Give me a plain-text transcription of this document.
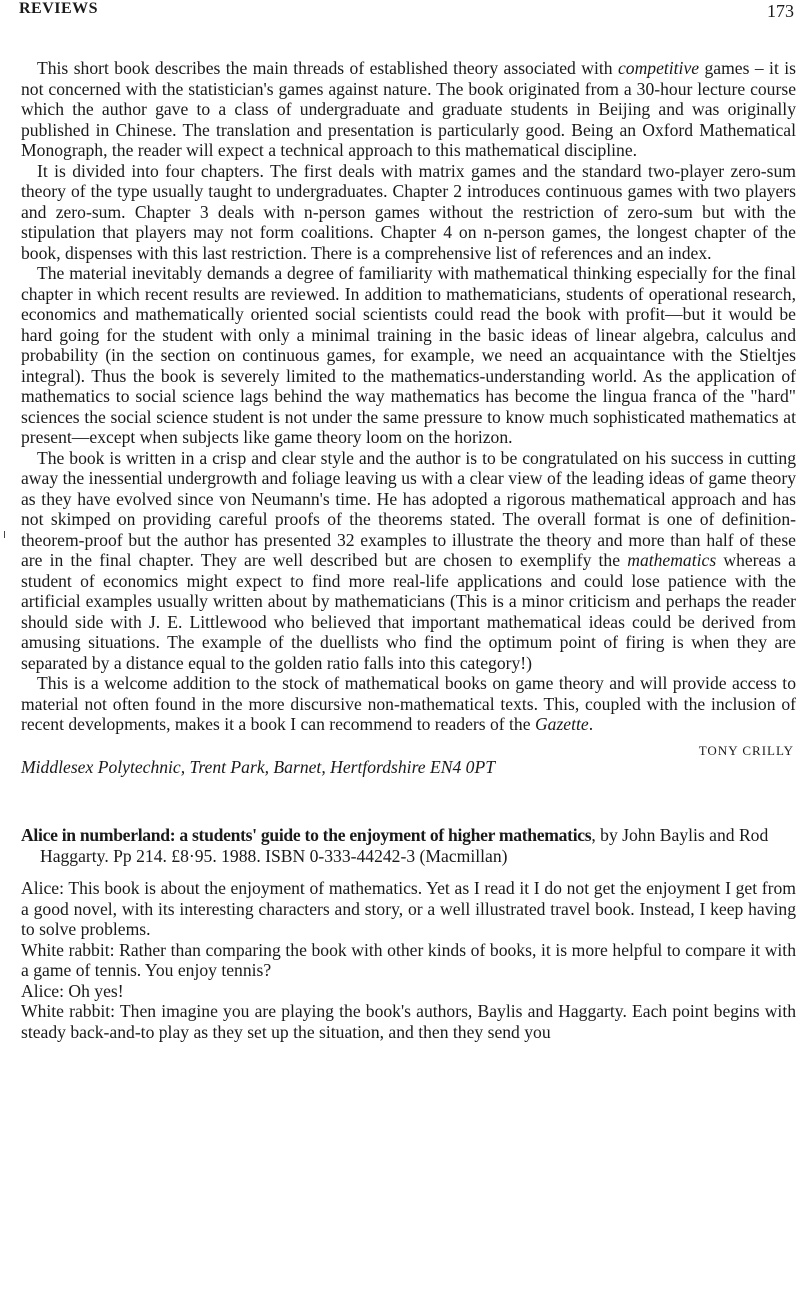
REVIEWS	173

This short book describes the main threads of established theory associated with competitive games – it is not concerned with the statistician's games against nature. The book originated from a 30-hour lecture course which the author gave to a class of undergraduate and graduate students in Beijing and was originally published in Chinese. The translation and presentation is particularly good. Being an Oxford Mathematical Monograph, the reader will expect a technical approach to this mathematical discipline.

It is divided into four chapters. The first deals with matrix games and the standard two-player zero-sum theory of the type usually taught to undergraduates. Chapter 2 introduces continuous games with two players and zero-sum. Chapter 3 deals with n-person games without the restriction of zero-sum but with the stipulation that players may not form coalitions. Chapter 4 on n-person games, the longest chapter of the book, dispenses with this last restriction. There is a comprehensive list of references and an index.

The material inevitably demands a degree of familiarity with mathematical thinking especially for the final chapter in which recent results are reviewed. In addition to mathematicians, students of operational research, economics and mathematically oriented social scientists could read the book with profit—but it would be hard going for the student with only a minimal training in the basic ideas of linear algebra, calculus and probability (in the section on continuous games, for example, we need an acquaintance with the Stieltjes integral). Thus the book is severely limited to the mathematics-understanding world. As the application of mathematics to social science lags behind the way mathematics has become the lingua franca of the "hard" sciences the social science student is not under the same pressure to know much sophisticated mathematics at present—except when subjects like game theory loom on the horizon.

The book is written in a crisp and clear style and the author is to be congratulated on his success in cutting away the inessential undergrowth and foliage leaving us with a clear view of the leading ideas of game theory as they have evolved since von Neumann's time. He has adopted a rigorous mathematical approach and has not skimped on providing careful proofs of the theorems stated. The overall format is one of definition-theorem-proof but the author has presented 32 examples to illustrate the theory and more than half of these are in the final chapter. They are well described but are chosen to exemplify the mathematics whereas a student of economics might expect to find more real-life applications and could lose patience with the artificial examples usually written about by mathematicians (This is a minor criticism and perhaps the reader should side with J. E. Littlewood who believed that important mathematical ideas could be derived from amusing situations. The example of the duellists who find the optimum point of firing is when they are separated by a distance equal to the golden ratio falls into this category!)

This is a welcome addition to the stock of mathematical books on game theory and will provide access to material not often found in the more discursive non-mathematical texts. This, coupled with the inclusion of recent developments, makes it a book I can recommend to readers of the Gazette.

TONY CRILLY

Middlesex Polytechnic, Trent Park, Barnet, Hertfordshire EN4 0PT

Alice in numberland: a students' guide to the enjoyment of higher mathematics, by John Baylis and Rod Haggarty. Pp 214. £8·95. 1988. ISBN 0-333-44242-3 (Macmillan)

Alice: This book is about the enjoyment of mathematics. Yet as I read it I do not get the enjoyment I get from a good novel, with its interesting characters and story, or a well illustrated travel book. Instead, I keep having to solve problems.

White rabbit: Rather than comparing the book with other kinds of books, it is more helpful to compare it with a game of tennis. You enjoy tennis?

Alice: Oh yes!

White rabbit: Then imagine you are playing the book's authors, Baylis and Haggarty. Each point begins with steady back-and-to play as they set up the situation, and then they send you
